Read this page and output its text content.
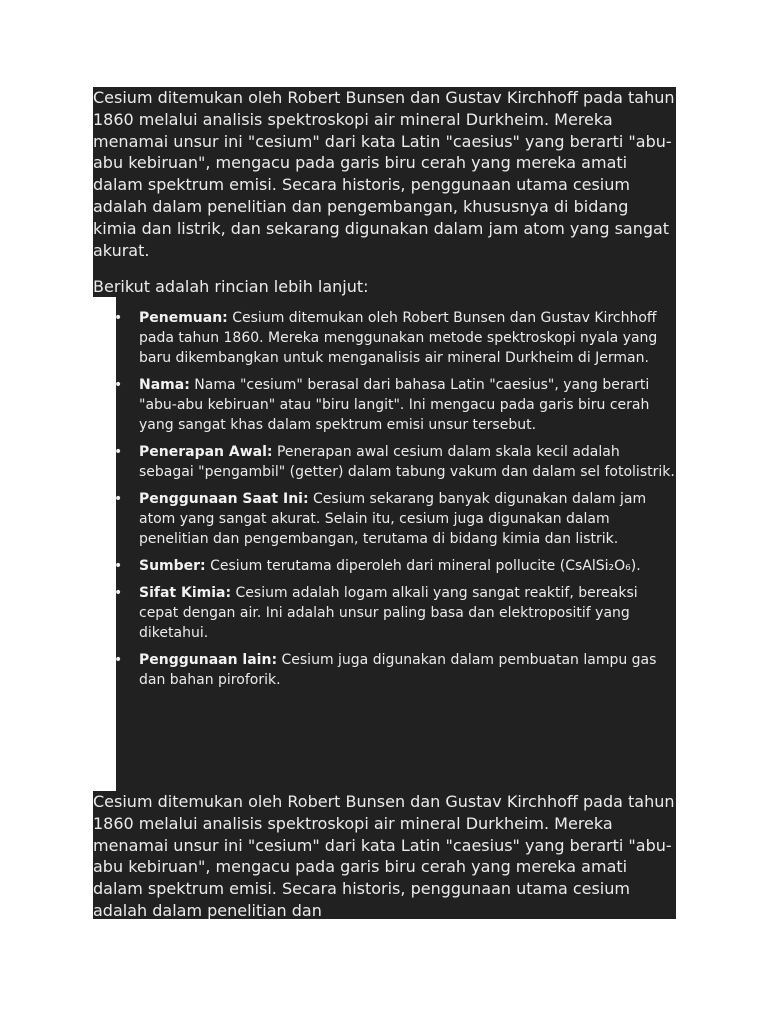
Cesium ditemukan oleh Robert Bunsen dan Gustav Kirchhoff pada tahun 1860 melalui analisis spektroskopi air mineral Durkheim. Mereka menamai unsur ini "cesium" dari kata Latin "caesius" yang berarti "abu-abu kebiruan", mengacu pada garis biru cerah yang mereka amati dalam spektrum emisi. Secara historis, penggunaan utama cesium adalah dalam penelitian dan pengembangan, khususnya di bidang kimia dan listrik, dan sekarang digunakan dalam jam atom yang sangat akurat.

Berikut adalah rincian lebih lanjut:

• Penemuan: Cesium ditemukan oleh Robert Bunsen dan Gustav Kirchhoff pada tahun 1860. Mereka menggunakan metode spektroskopi nyala yang baru dikembangkan untuk menganalisis air mineral Durkheim di Jerman.
• Nama: Nama "cesium" berasal dari bahasa Latin "caesius", yang berarti "abu-abu kebiruan" atau "biru langit". Ini mengacu pada garis biru cerah yang sangat khas dalam spektrum emisi unsur tersebut.
• Penerapan Awal: Penerapan awal cesium dalam skala kecil adalah sebagai "pengambil" (getter) dalam tabung vakum dan dalam sel fotolistrik.
• Penggunaan Saat Ini: Cesium sekarang banyak digunakan dalam jam atom yang sangat akurat. Selain itu, cesium juga digunakan dalam penelitian dan pengembangan, terutama di bidang kimia dan listrik.
• Sumber: Cesium terutama diperoleh dari mineral pollucite (CsAlSi₂O₆).
• Sifat Kimia: Cesium adalah logam alkali yang sangat reaktif, bereaksi cepat dengan air. Ini adalah unsur paling basa dan elektropositif yang diketahui.
• Penggunaan lain: Cesium juga digunakan dalam pembuatan lampu gas dan bahan piroforik.

Cesium ditemukan oleh Robert Bunsen dan Gustav Kirchhoff pada tahun 1860 melalui analisis spektroskopi air mineral Durkheim. Mereka menamai unsur ini "cesium" dari kata Latin "caesius" yang berarti "abu-abu kebiruan", mengacu pada garis biru cerah yang mereka amati dalam spektrum emisi. Secara historis, penggunaan utama cesium adalah dalam penelitian dan
